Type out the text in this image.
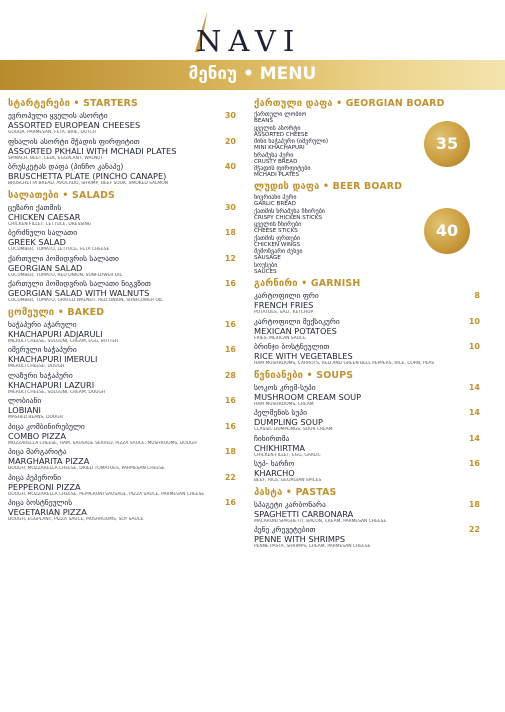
NAVI
მენიუ • MENU
სტარტერები • STARTERS
30
ევროპული ყველის ასორტი
ASSORTED EUROPEAN CHEESES
GOUDA, PARMESAN, FETA, BRIE, DUTCH
20
ფხალის ასორტი მჭადის ფირფიტით
ASSORTED PKHALI WITH MCHADI PLATES
SPINACH, BEET, LEEK, EGGPLANT, WALNUT
40
ბრუსკეტას დაფა (პინჩო კანაპე)
BRUSCHETTA PLATE (PINCHO CANAPE)
BRUSCHETTA BREAD, AVOCADO, SHRIMP, BEEF SOUK, SMOKED SALMON
სალათები • SALADS
30
ცეზარი ქათმის
CHICKEN CAESAR
CHICKEN FILLET, LETTUCE, DRESSING
18
ბერძნული სალათი
GREEK SALAD
CUCUMBER, TOMATO, LETTUCE, FETA CHEESE
12
ქართული პომიდვრის სალათი
GEORGIAN SALAD
CUCUMBER, TOMATO, RED ONION, SUNFLOWER OIL
16
ქართული პომიდვრის სალათი ნიგვზით
GEORGIAN SALAD WITH WALNUTS
CUCUMBER, TOMATO, GRATED WALNUT, RED ONION, SUNFLOWER OIL
ცომეული • BAKED
16
ხაჭაპური აჭარული
KHACHAPURI ADJARULI
IMERULI CHEESE, SULGUNI, CREAM, EGG, BUTTER
16
იმერული ხაჭაპური
KHACHAPURI IMERULI
IMERULI CHEESE, DOUGH
28
ლაზური ხაჭაპური
KHACHAPURI LAZURI
IMERULI CHEESE, SULGUNI, CREAM, DOUGH
16
ლობიანი
LOBIANI
MASHED BEANS, DOUGH
16
პიცა კომბინირებული
COMBO PIZZA
MOZZARELLA CHEESE, HAM, SAUSAGE SERVED, PIZZA SAUCE, MUSHROOMS, DOUGH
18
პიცა მარგარიტა
MARGHARITA PIZZA
DOUGH, MOZZARELLA CHEESE, DRIED TOMATOES, PARMESAN CHEESE
22
პიცა პეპერონი
PEPPERONI PIZZA
DOUGH, MOZZARELLA CHEESE, PEPPERONI SAUSAGE, PIZZA SAUCE, PARMESAN CHEESE
16
პიცა ბოსტნეულის
VEGETARIAN PIZZA
DOUGH, EGGPLANT, PIZZA SAUCE, MUSHROOMS, SOY SAUCE
ქართული დაფა • GEORGIAN BOARD
35
ქართული ლობიო
BEANS
ყველის ასორტი
ASSORTED CHEESE
მინი ხაჭაპური (იმერული)
MINI KHACHAPURI
ხრაშუნა პური
CRUSTY BREAD
მჭადის ფირფიტები
MCHADI PLATES
ლუდის დაფა • BEER BOARD
40
ნივრიანი პური
GARLIC BREAD
ქათმის ხრაშუნა ჩხირები
CRISPY CHICKEN STICKS
ყველის ჩხირები
CHEESE STICKS
ქათმის ფრთები
CHICKEN WINGS
შემოწვარი ძეხვი
SAUSAGE
სოუსები
SAUCES
გარნირი • GARNISH
8
კარტოფილი ფრი
FRENCH FRIES
POTATOES, SALT, KETCHUP
10
კარტოფილი მექსიკური
MEXICAN POTATOES
FRIES, MEXICAN SAUCE
10
ბრინჯი ბოსტნეულით
RICE WITH VEGETABLES
HAM MUSHROOMS, CARROTS, RED AND GREEN BELL PEPPERS, RICE, CORN, PEAS
წვნიანები • SOUPS
14
სოკოს კრემ-სუპი
MUSHROOM CREAM SOUP
HAM MUSHROOMS, CREAM
14
პელმენის სუპი
DUMPLING SOUP
CLASSIC DUMPLINGS, SOUR CREAM
14
ჩიხირთმა
CHIKHIRTMA
CHICKEN FILLET, EGG, GARLIC
16
სუპ- ხარჩო
KHARCHO
BEEF, RICE, GEORGIAN SPICES
პასტა • PASTAS
18
სპაგეტი კარბონარა
SPAGHETTI CARBONARA
MACARONI SPAGHETTI, BACON, CREAM, PARMESAN CHEESE
22
პენე კრევეტებით
PENNE WITH SHRIMPS
PENNE PASTA, SHRIMPS, CREAM, PARMESAN CHEESE
